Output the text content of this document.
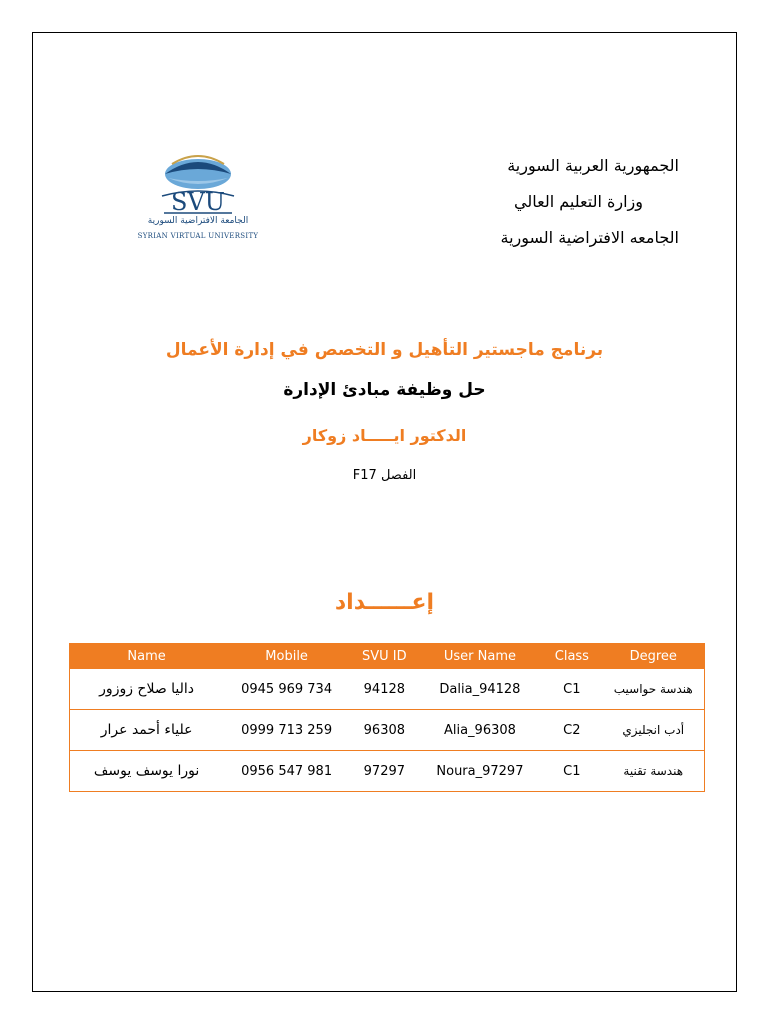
الجمهورية العربية السورية
وزارة التعليم العالي
الجامعه الافتراضية السورية
SVU
الجامعة الافتراضية السورية
SYRIAN VIRTUAL UNIVERSITY
برنامج ماجستير التأهيل و التخصص في إدارة الأعمال
حل وظيفة مبادئ الإدارة
الدكتور ايـــــاد زوكار
الفصل F17
إعــــــداد
Name	Mobile	SVU ID	User Name	Class	Degree
داليا صلاح زوزور	0945 969 734	94128	Dalia_94128	C1	هندسة حواسيب
علياء أحمد عرار	0999 713 259	96308	Alia_96308	C2	أدب انجليزي
نورا يوسف يوسف	0956 547 981	97297	Noura_97297	C1	هندسة تقنية
